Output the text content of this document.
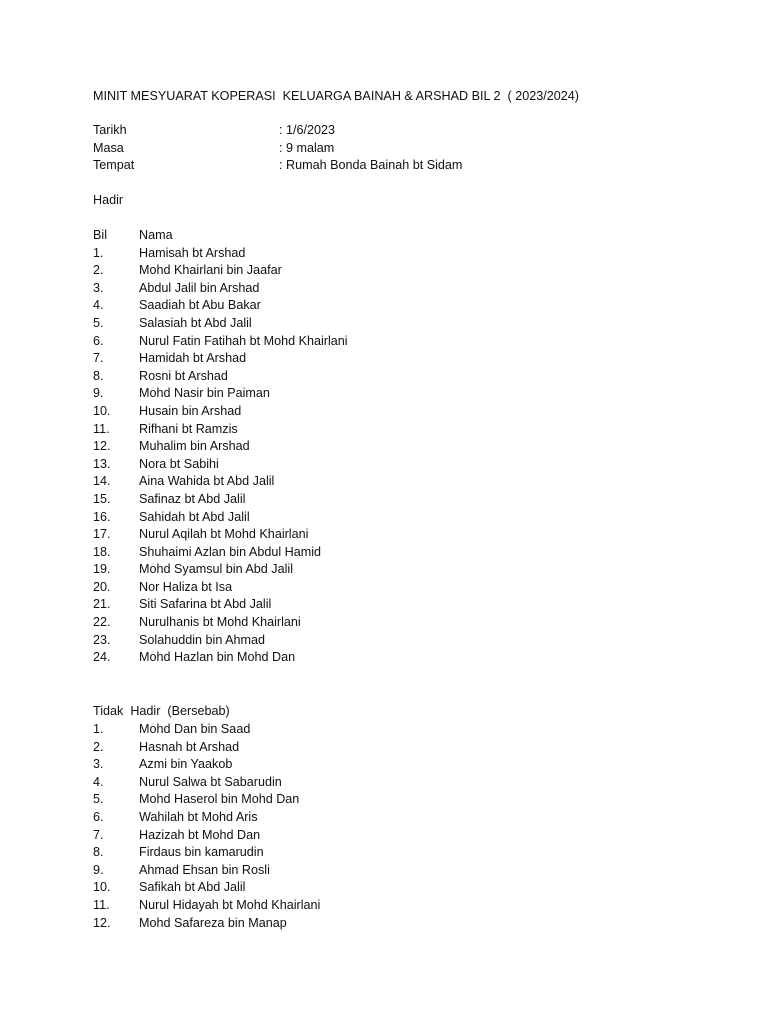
MINIT MESYUARAT KOPERASI  KELUARGA BAINAH & ARSHAD BIL 2  ( 2023/2024)

Tarikh

	: 1/6/2023

Masa

	: 9 malam

Tempat

	: Rumah Bonda Bainah bt Sidam

Hadir

Bil

	Nama

1.	Hamisah bt Arshad
2.	Mohd Khairlani bin Jaafar
3.	Abdul Jalil bin Arshad
4.	Saadiah bt Abu Bakar
5.	Salasiah bt Abd Jalil
6.	Nurul Fatin Fatihah bt Mohd Khairlani
7.	Hamidah bt Arshad
8.	Rosni bt Arshad
9.	Mohd Nasir bin Paiman
10. Husain bin Arshad
11. Rifhani bt Ramzis
12. Muhalim bin Arshad
13. Nora bt Sabihi
14. Aina Wahida bt Abd Jalil
15. Safinaz bt Abd Jalil
16. Sahidah bt Abd Jalil
17. Nurul Aqilah bt Mohd Khairlani
18. Shuhaimi Azlan bin Abdul Hamid
19. Mohd Syamsul bin Abd Jalil
20. Nor Haliza bt Isa
21. Siti Safarina bt Abd Jalil
22. Nurulhanis bt Mohd Khairlani
23. Solahuddin bin Ahmad
24. Mohd Hazlan bin Mohd Dan
Tidak  Hadir  (Bersebab)
1.	Mohd Dan bin Saad
2.	Hasnah bt Arshad
3.	Azmi bin Yaakob
4.	Nurul Salwa bt Sabarudin
5.	Mohd Haserol bin Mohd Dan
6.	Wahilah bt Mohd Aris
7.	Hazizah bt Mohd Dan
8.	Firdaus bin kamarudin
9.	Ahmad Ehsan bin Rosli
10. Safikah bt Abd Jalil
11. Nurul Hidayah bt Mohd Khairlani
12. Mohd Safareza bin Manap
